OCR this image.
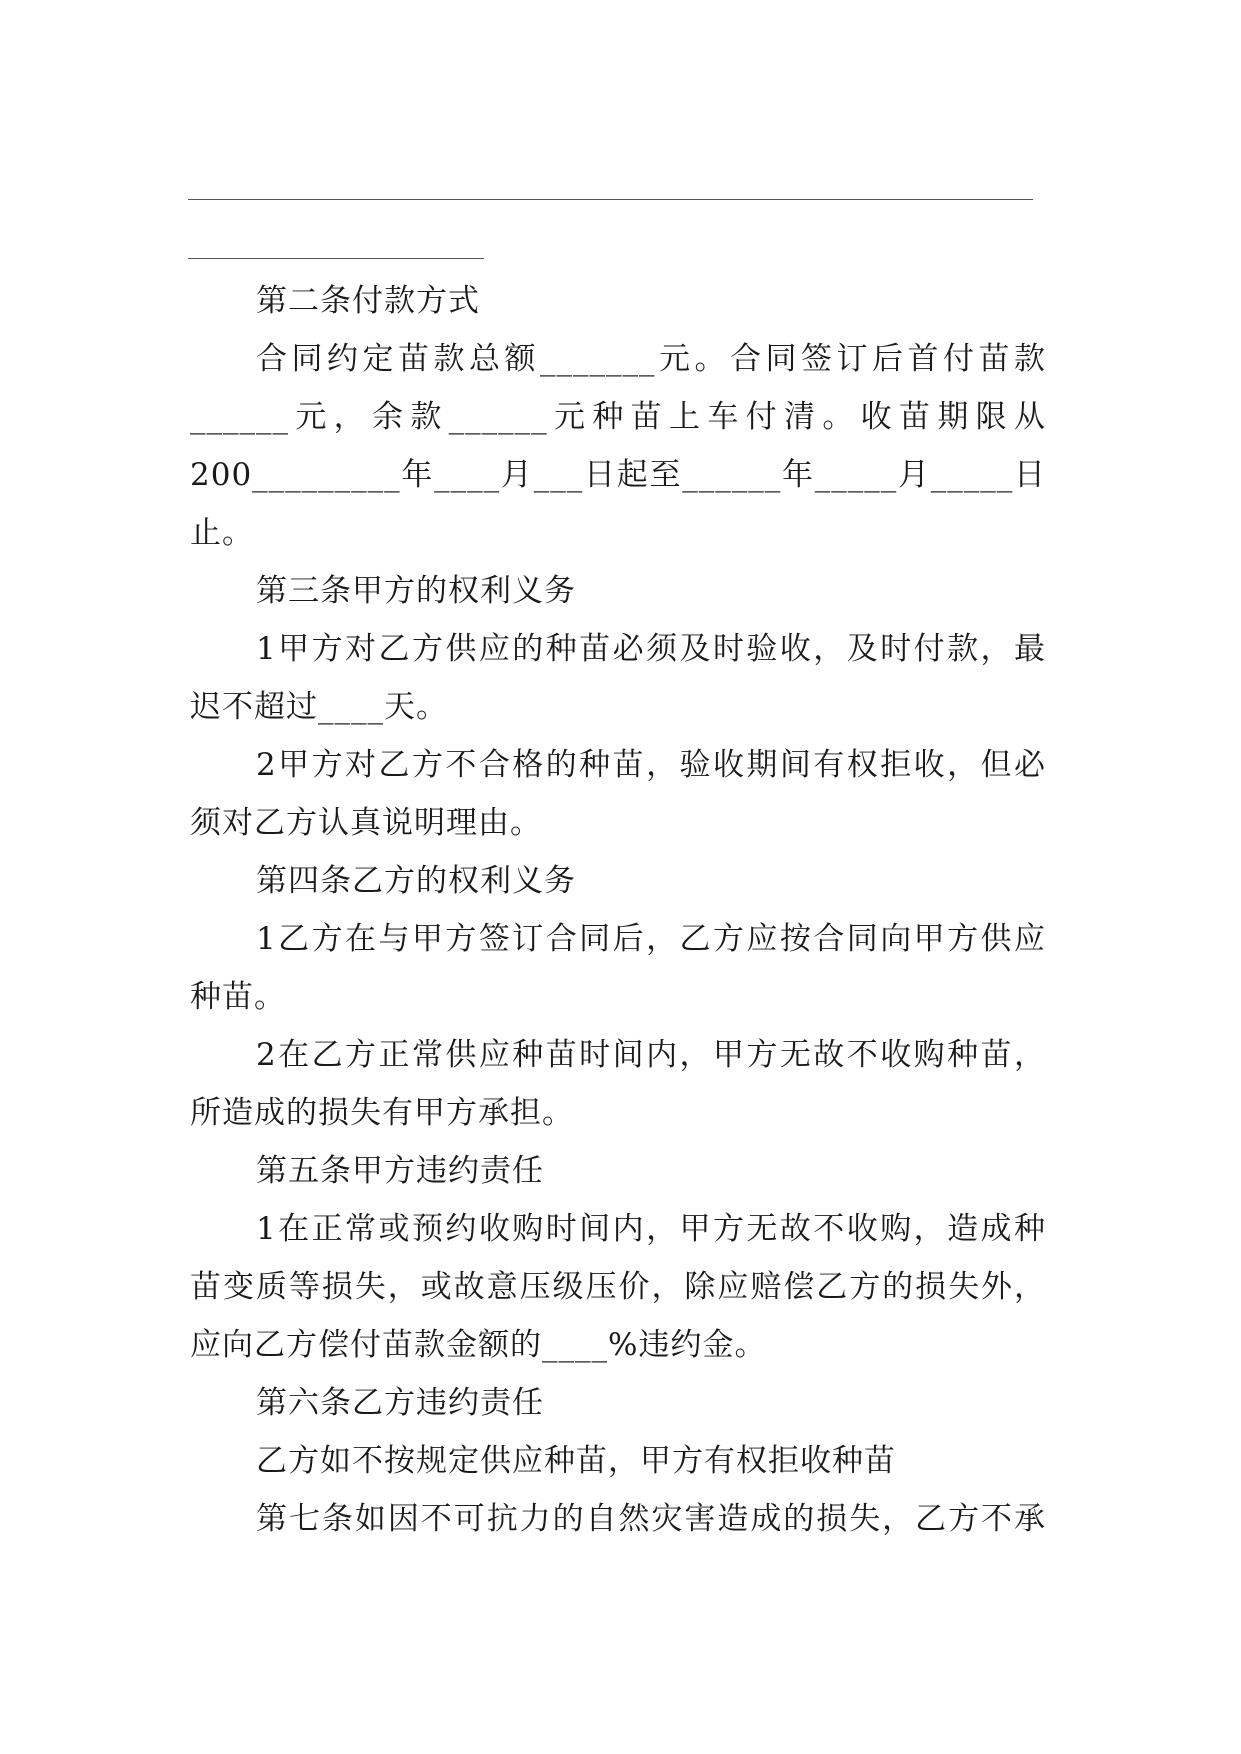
第二条付款方式
合同约定苗款总额_______元。合同签订后首付苗款
______元，余款______元种苗上车付清。收苗期限从
200_________年____月___日起至______年_____月_____日
止。
第三条甲方的权利义务
1甲方对乙方供应的种苗必须及时验收，及时付款，最
迟不超过____天。
2甲方对乙方不合格的种苗，验收期间有权拒收，但必
须对乙方认真说明理由。
第四条乙方的权利义务
1乙方在与甲方签订合同后，乙方应按合同向甲方供应
种苗。
2在乙方正常供应种苗时间内，甲方无故不收购种苗，
所造成的损失有甲方承担。
第五条甲方违约责任
1在正常或预约收购时间内，甲方无故不收购，造成种
苗变质等损失，或故意压级压价，除应赔偿乙方的损失外，
应向乙方偿付苗款金额的____%违约金。
第六条乙方违约责任
乙方如不按规定供应种苗，甲方有权拒收种苗
第七条如因不可抗力的自然灾害造成的损失，乙方不承
